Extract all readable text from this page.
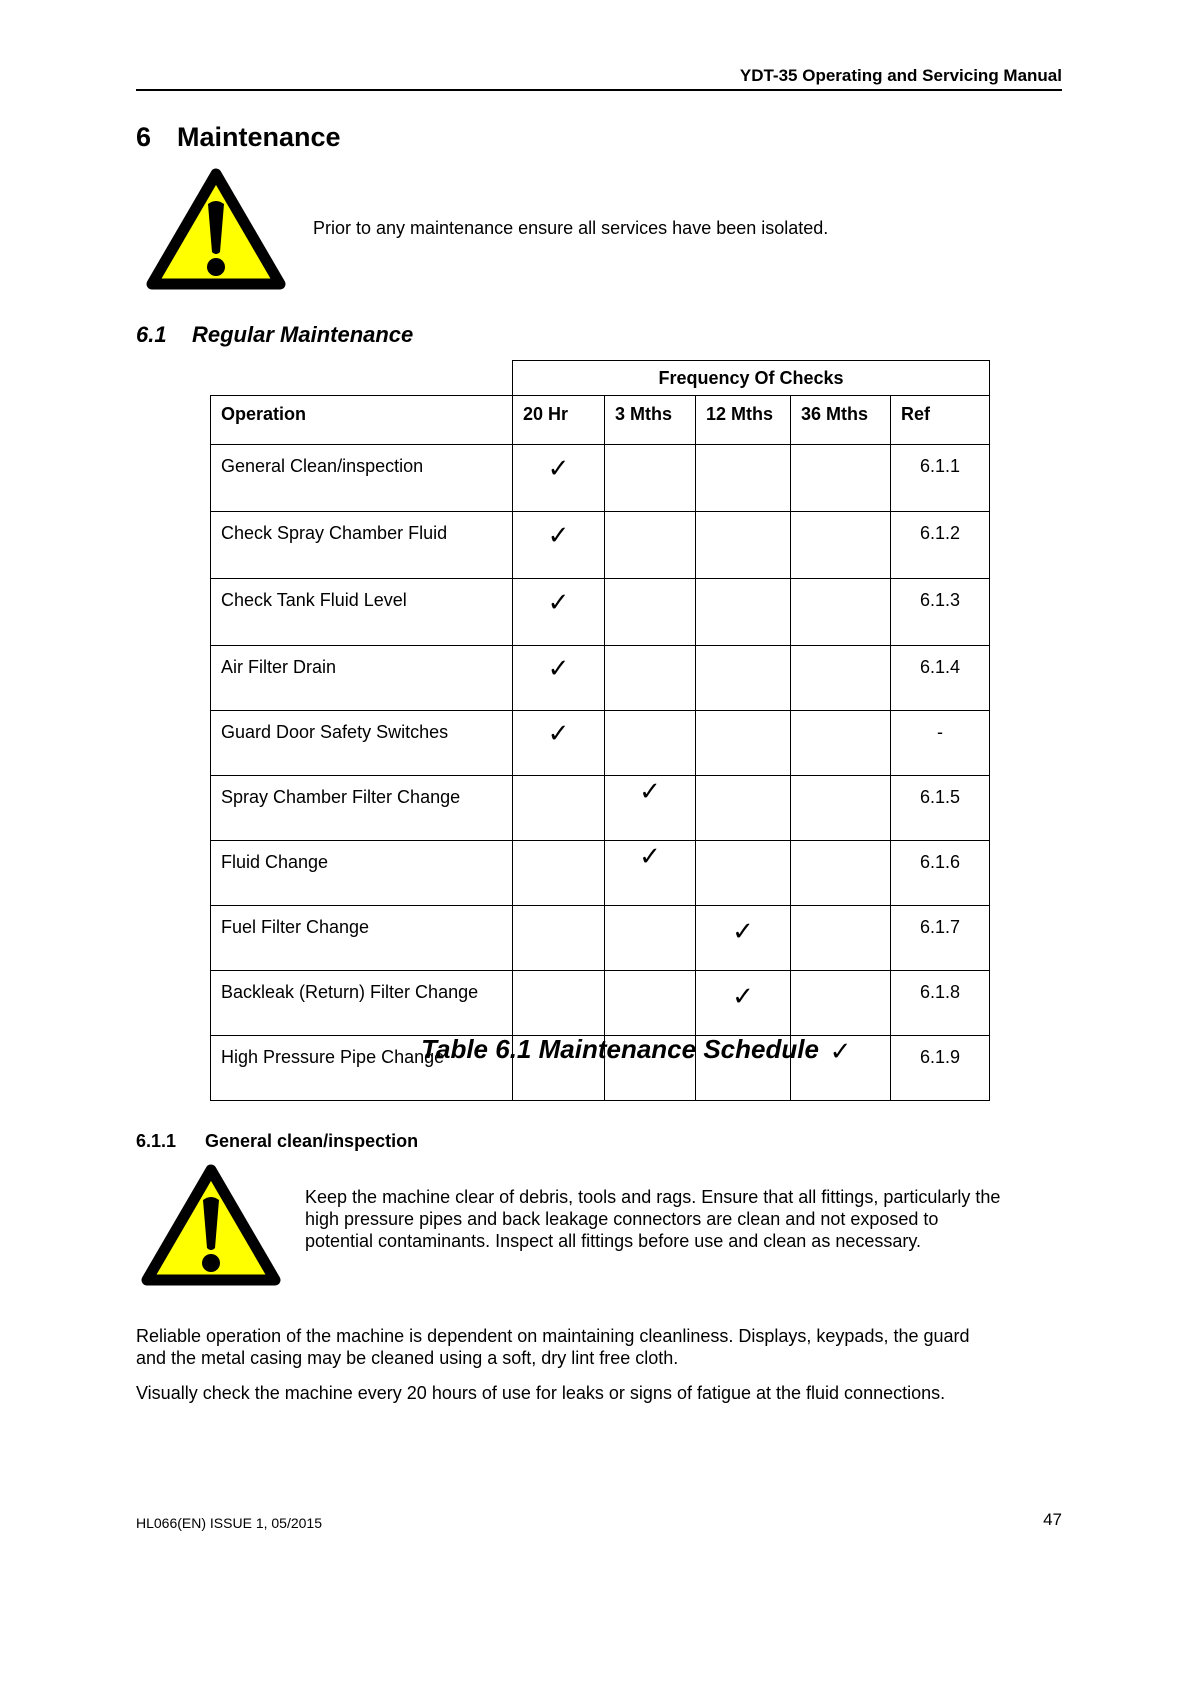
YDT-35 Operating and Servicing Manual
6 Maintenance
Prior to any maintenance ensure all services have been isolated.
6.1 Regular Maintenance
	Frequency Of Checks				

Operation	20 Hr	3 Mths	12 Mths	36 Mths	Ref

General Clean/inspection	✓				6.1.1
Check Spray Chamber Fluid	✓				6.1.2
Check Tank Fluid Level	✓				6.1.3
Air Filter Drain	✓				6.1.4
Guard Door Safety Switches	✓				-
Spray Chamber Filter Change		✓			6.1.5
Fluid Change		✓			6.1.6
Fuel Filter Change			✓		6.1.7
Backleak (Return) Filter Change			✓		6.1.8
High Pressure Pipe Change				✓	6.1.9
Table 6.1 Maintenance Schedule
6.1.1 General clean/inspection
Keep the machine clear of debris, tools and rags. Ensure that all fittings, particularly the
high pressure pipes and back leakage connectors are clean and not exposed to
potential contaminants. Inspect all fittings before use and clean as necessary.
Reliable operation of the machine is dependent on maintaining cleanliness. Displays, keypads, the guard
and the metal casing may be cleaned using a soft, dry lint free cloth.
Visually check the machine every 20 hours of use for leaks or signs of fatigue at the fluid connections.
HL066(EN) ISSUE 1, 05/2015	47
